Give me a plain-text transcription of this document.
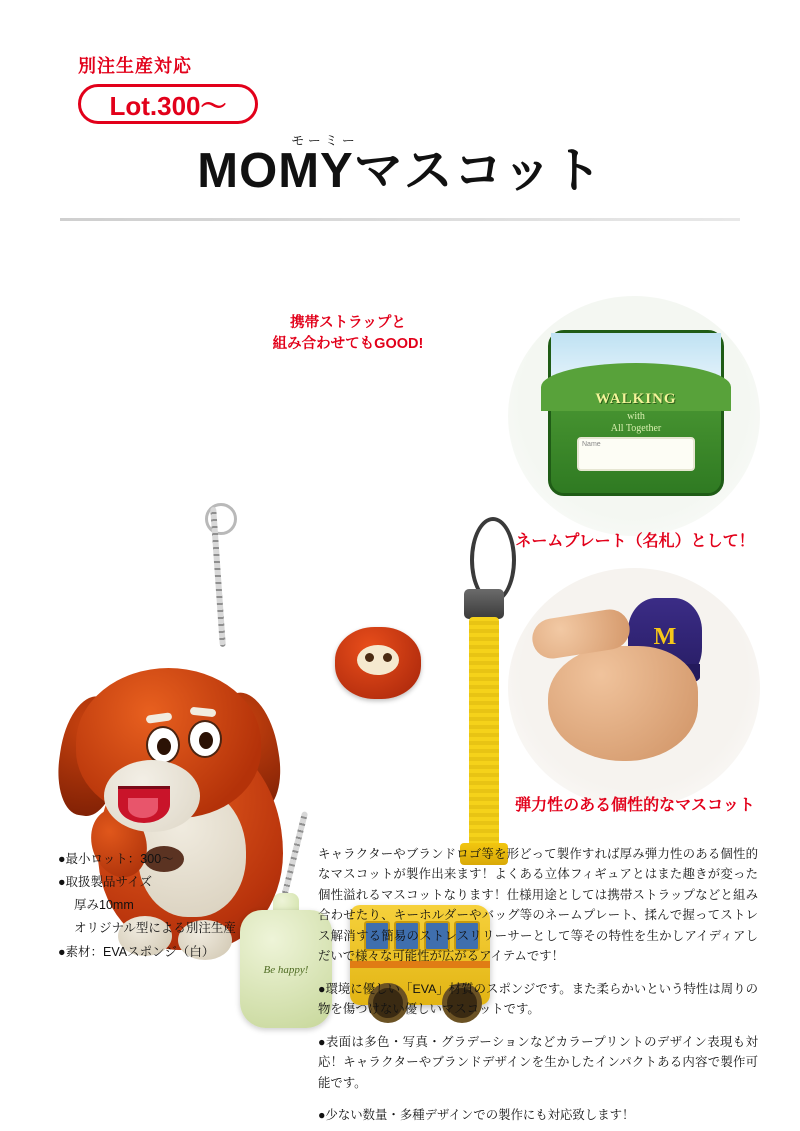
別注生産対応
Lot.300〜
モーミー
MOMYマスコット
Be happy!
携帯ストラップと
組み合わせてもGOOD!
WALKING
with
All Together
Name
ネームプレート（名札）として！
M
弾力性のある個性的なマスコット
●最小ロット：300〜
●取扱製品サイズ
厚み10mm
オリジナル型による別注生産
●素材：EVAスポンジ（白）

キャラクターやブランドロゴ等を形どって製作すれば厚み弾力性のある個性的なマスコットが製作出来ます！よくある立体フィギュアとはまた趣きが変った個性溢れるマスコットなります！仕様用途としては携帯ストラップなどと組み合わせたり、キーホルダーやバッグ等のネームプレート、揉んで握ってストレス解消する簡易のストレスリリーサーとして等その特性を生かしアイディアしだいで様々な可能性が広がるアイテムです！

●環境に優しい「EVA」材質のスポンジです。また柔らかいという特性は周りの物を傷つけない優しいマスコットです。

●表面は多色・写真・グラデーションなどカラープリントのデザイン表現も対応！キャラクターやブランドデザインを生かしたインパクトある内容で製作可能です。

●少ない数量・多種デザインでの製作にも対応致します！
